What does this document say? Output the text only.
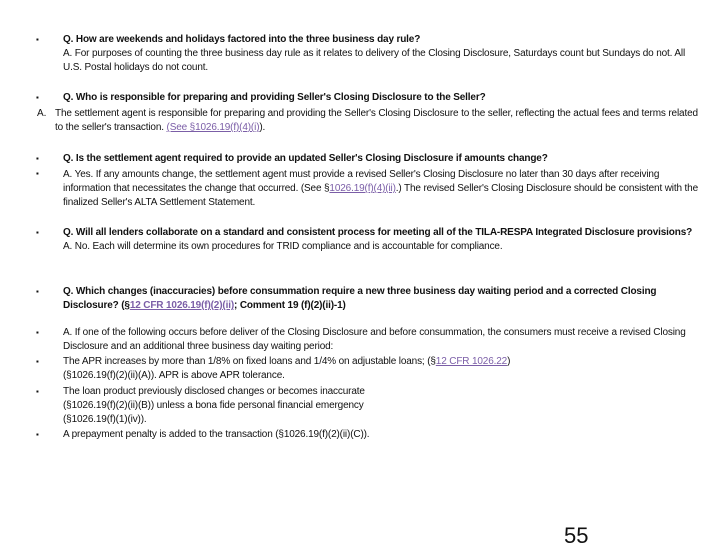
▪ Q. How are weekends and holidays factored into the three business day rule?
A. For purposes of counting the three business day rule as it relates to delivery of the Closing Disclosure, Saturdays count but Sundays do not. All U.S. Postal holidays do not count.
▪ Q. Who is responsible for preparing and providing Seller's Closing Disclosure to the Seller?
A. The settlement agent is responsible for preparing and providing the Seller's Closing Disclosure to the seller, reflecting the actual fees and terms related to the seller's transaction. (See §1026.19(f)(4)(i)).
▪
▪
Q. Is the settlement agent required to provide an updated Seller's Closing Disclosure if amounts change?
A. Yes. If any amounts change, the settlement agent must provide a revised Seller's Closing Disclosure no later than 30 days after receiving information that necessitates the change that occurred. (See §1026.19(f)(4)(ii).) The revised Seller's Closing Disclosure should be consistent with the finalized Seller's ALTA Settlement Statement.
▪ Q. Will all lenders collaborate on a standard and consistent process for meeting all of the TILA-RESPA Integrated Disclosure provisions?
A. No. Each will determine its own procedures for TRID compliance and is accountable for compliance.
▪ Q. Which changes (inaccuracies) before consummation require a new three business day waiting period and a corrected Closing Disclosure? (§12 CFR 1026.19(f)(2)(ii); Comment 19 (f)(2)(ii)-1)
▪ A. If one of the following occurs before deliver of the Closing Disclosure and before consummation, the consumers must receive a revised Closing Disclosure and an additional three business day waiting period:
▪ The APR increases by more than 1/8% on fixed loans and 1/4% on adjustable loans; (§12 CFR 1026.22)
(§1026.19(f)(2)(ii)(A)). APR is above APR tolerance.
▪ The loan product previously disclosed changes or becomes inaccurate
(§1026.19(f)(2)(ii)(B)) unless a bona fide personal financial emergency
(§1026.19(f)(1)(iv)).
▪ A prepayment penalty is added to the transaction (§1026.19(f)(2)(ii)(C)).
55
